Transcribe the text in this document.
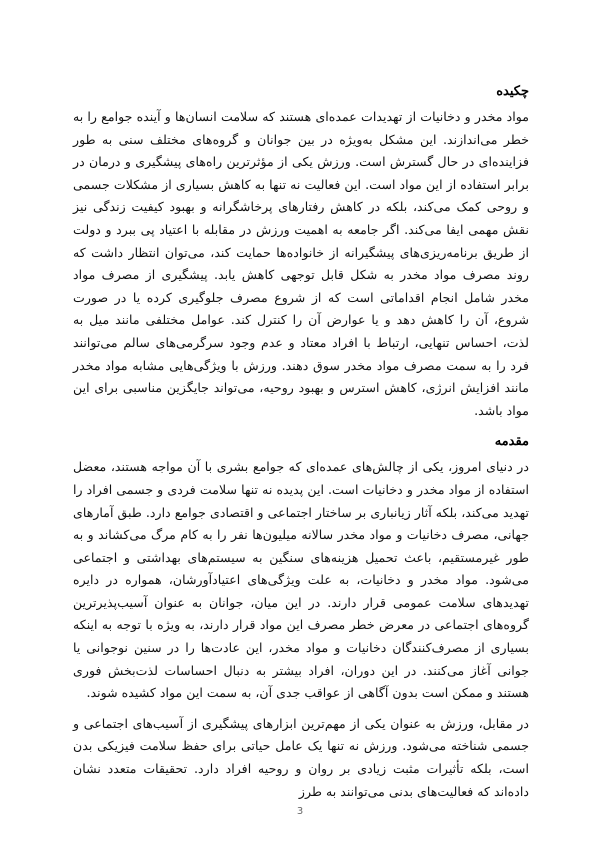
چکیده

مواد مخدر و دخانیات از تهدیدات عمده‌ای هستند که سلامت انسان‌ها و آینده جوامع را به خطر می‌اندازند. این مشکل به‌ویژه در بین جوانان و گروه‌های مختلف سنی به طور فزاینده‌ای در حال گسترش است. ورزش یکی از مؤثرترین راه‌های پیشگیری و درمان در برابر استفاده از این مواد است. این فعالیت نه تنها به کاهش بسیاری از مشکلات جسمی و روحی کمک می‌کند، بلکه در کاهش رفتارهای پرخاشگرانه و بهبود کیفیت زندگی نیز نقش مهمی ایفا می‌کند. اگر جامعه به اهمیت ورزش در مقابله با اعتیاد پی ببرد و دولت از طریق برنامه‌ریزی‌های پیشگیرانه از خانواده‌ها حمایت کند، می‌توان انتظار داشت که روند مصرف مواد مخدر به شکل قابل توجهی کاهش یابد. پیشگیری از مصرف مواد مخدر شامل انجام اقداماتی است که از شروع مصرف جلوگیری کرده یا در صورت شروع، آن را کاهش دهد و یا عوارض آن را کنترل کند. عوامل مختلفی مانند میل به لذت، احساس تنهایی، ارتباط با افراد معتاد و عدم وجود سرگرمی‌های سالم می‌توانند فرد را به سمت مصرف مواد مخدر سوق دهند. ورزش با ویژگی‌هایی مشابه مواد مخدر مانند افزایش انرژی، کاهش استرس و بهبود روحیه، می‌تواند جایگزین مناسبی برای این مواد باشد.

مقدمه

در دنیای امروز، یکی از چالش‌های عمده‌ای که جوامع بشری با آن مواجه هستند، معضل استفاده از مواد مخدر و دخانیات است. این پدیده نه تنها سلامت فردی و جسمی افراد را تهدید می‌کند، بلکه آثار زیانباری بر ساختار اجتماعی و اقتصادی جوامع دارد. طبق آمارهای جهانی، مصرف دخانیات و مواد مخدر سالانه میلیون‌ها نفر را به کام مرگ می‌کشاند و به طور غیرمستقیم، باعث تحمیل هزینه‌های سنگین به سیستم‌های بهداشتی و اجتماعی می‌شود. مواد مخدر و دخانیات، به علت ویژگی‌های اعتیادآورشان، همواره در دایره تهدیدهای سلامت عمومی قرار دارند. در این میان، جوانان به عنوان آسیب‌پذیرترین گروه‌های اجتماعی در معرض خطر مصرف این مواد قرار دارند، به ویژه با توجه به اینکه بسیاری از مصرف‌کنندگان دخانیات و مواد مخدر، این عادت‌ها را در سنین نوجوانی یا جوانی آغاز می‌کنند. در این دوران، افراد بیشتر به دنبال احساسات لذت‌بخش فوری هستند و ممکن است بدون آگاهی از عواقب جدی آن، به سمت این مواد کشیده شوند.

در مقابل، ورزش به عنوان یکی از مهم‌ترین ابزارهای پیشگیری از آسیب‌های اجتماعی و جسمی شناخته می‌شود. ورزش نه تنها یک عامل حیاتی برای حفظ سلامت فیزیکی بدن است، بلکه تأثیرات مثبت زیادی بر روان و روحیه افراد دارد. تحقیقات متعدد نشان داده‌اند که فعالیت‌های بدنی می‌توانند به طرز

3
